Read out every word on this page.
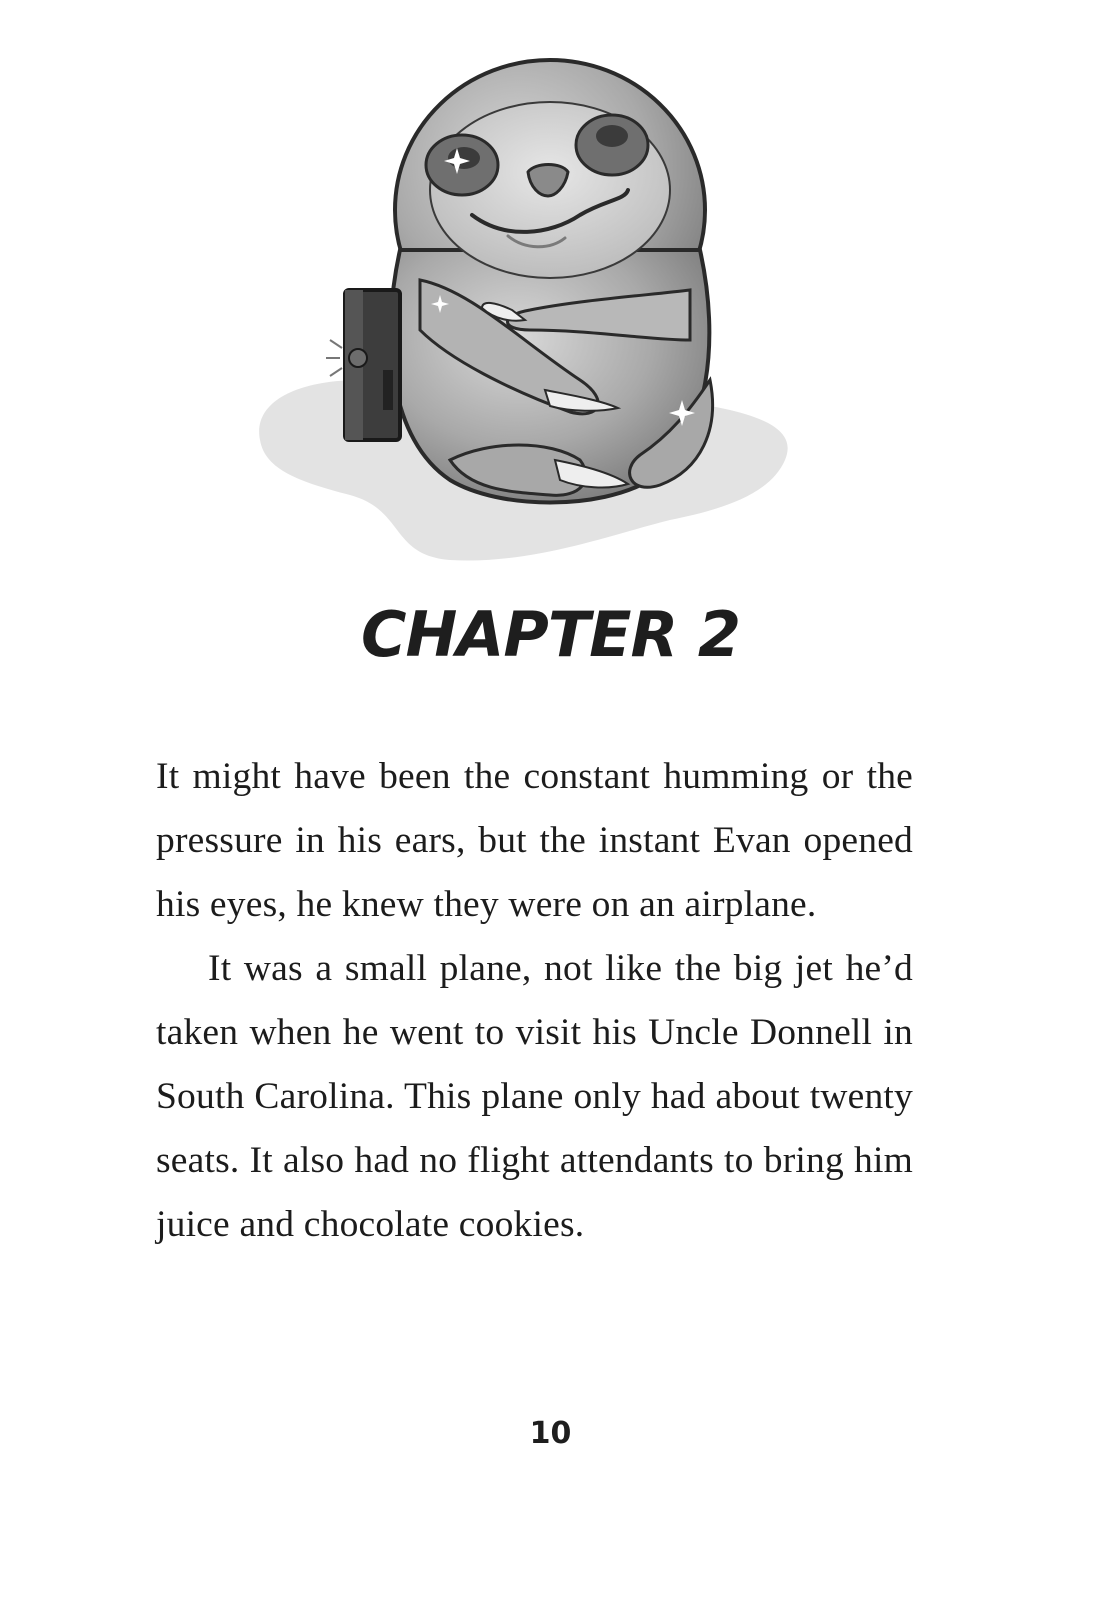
CHAPTER 2

It might have been the constant humming or the pressure in his ears, but the instant Evan opened his eyes, he knew they were on an airplane.

It was a small plane, not like the big jet he’d taken when he went to visit his Uncle Donnell in South Carolina. This plane only had about twenty seats. It also had no flight attendants to bring him juice and chocolate cookies.

10
